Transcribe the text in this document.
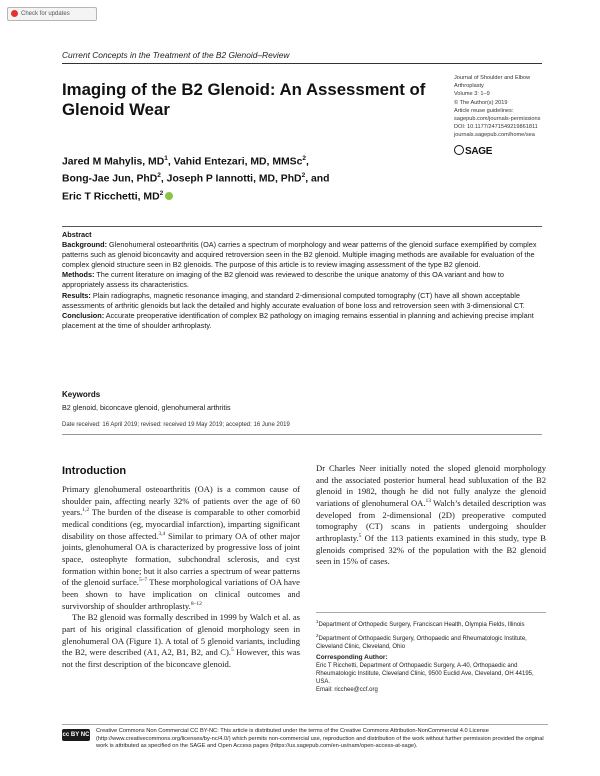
Check for updates
Current Concepts in the Treatment of the B2 Glenoid–Review
Imaging of the B2 Glenoid: An Assessment of Glenoid Wear
Journal of Shoulder and Elbow
Arthroplasty
Volume 3: 1–9
© The Author(s) 2019
Article reuse guidelines:
sagepub.com/journals-permissions
DOI: 10.1177/2471549219861811
journals.sagepub.com/home/sea
SAGE
Jared M Mahylis, $MD^1$, Vahid Entezari, MD, MMSc$^2$,
Bong-Jae Jun, PhD$^2$, Joseph P Iannotti, MD, PhD$^2$, and
Eric T Ricchetti, $MD^2$

Abstract

Background: Glenohumeral osteoarthritis (OA) carries a spectrum of morphology and wear patterns of the glenoid surface exemplified by complex patterns such as glenoid biconcavity and acquired retroversion seen in the B2 glenoid. Multiple imaging methods are available for evaluation of the complex glenoid structure seen in B2 glenoids. The purpose of this article is to review imaging assessment of the type B2 glenoid.

Methods: The current literature on imaging of the B2 glenoid was reviewed to describe the unique anatomy of this OA variant and how to appropriately assess its characteristics.

Results: Plain radiographs, magnetic resonance imaging, and standard 2-dimensional computed tomography (CT) have all shown acceptable assessments of arthritic glenoids but lack the detailed and highly accurate evaluation of bone loss and retroversion seen with 3-dimensional CT.

Conclusion: Accurate preoperative identification of complex B2 pathology on imaging remains essential in planning and achieving precise implant placement at the time of shoulder arthroplasty.

Keywords
B2 glenoid, biconcave glenoid, glenohumeral arthritis
Date received: 16 April 2019; revised: received 19 May 2019; accepted: 16 June 2019
Introduction

Primary glenohumeral osteoarthritis (OA) is a common cause of shoulder pain, affecting nearly 32% of patients over the age of 60 years.$^{1,2}$ The burden of the disease is comparable to other comorbid medical conditions (eg, myocardial infarction), imparting significant disability on those affected.$^{3,4}$ Similar to primary OA of other major joints, glenohumeral OA is characterized by progressive loss of joint space, osteophyte formation, subchondral sclerosis, and cyst formation within bone; but it also carries a spectrum of wear patterns of the glenoid surface.$^{5-7}$ These morphological variations of OA have been shown to have implication on clinical outcomes and survivorship of shoulder arthroplasty.$^{8-12}$

The B2 glenoid was formally described in 1999 by Walch et al. as part of his original classification of glenoid morphology seen in glenohumeral OA (Figure 1). A total of 5 glenoid variants, including the B2, were described (A1, A2, B1, B2, and C).$^5$ However, this was not the first description of the biconcave glenoid.

Dr Charles Neer initially noted the sloped glenoid morphology and the associated posterior humeral head subluxation of the B2 glenoid in 1982, though he did not fully analyze the glenoid variations of glenohumeral OA.$^{13}$ Walch’s detailed description was developed from 2-dimensional (2D) preoperative computed tomography (CT) scans in patients undergoing shoulder arthroplasty.$^5$ Of the 113 patients examined in this study, type B glenoids comprised 32% of the population with the B2 glenoid seen in 15% of cases.

$^1$Department of Orthopedic Surgery, Franciscan Health, Olympia Fields, Illinois

$^2$Department of Orthopaedic Surgery, Orthopaedic and Rheumatologic Institute, Cleveland Clinic, Cleveland, Ohio

Corresponding Author:

Eric T Ricchetti, Department of Orthopaedic Surgery, A-40, Orthopaedic and Rheumatologic Institute, Cleveland Clinic, 9500 Euclid Ave, Cleveland, OH 44195, USA.

Email: ricchee@ccf.org

cc BY NC
Creative Commons Non Commercial CC BY-NC: This article is distributed under the terms of the Creative Commons Attribution-NonCommercial 4.0 License (http://www.creativecommons.org/licenses/by-nc/4.0/) which permits non-commercial use, reproduction and distribution of the work without further permission provided the original work is attributed as specified on the SAGE and Open Access pages (https://us.sagepub.com/en-us/nam/open-access-at-sage).
